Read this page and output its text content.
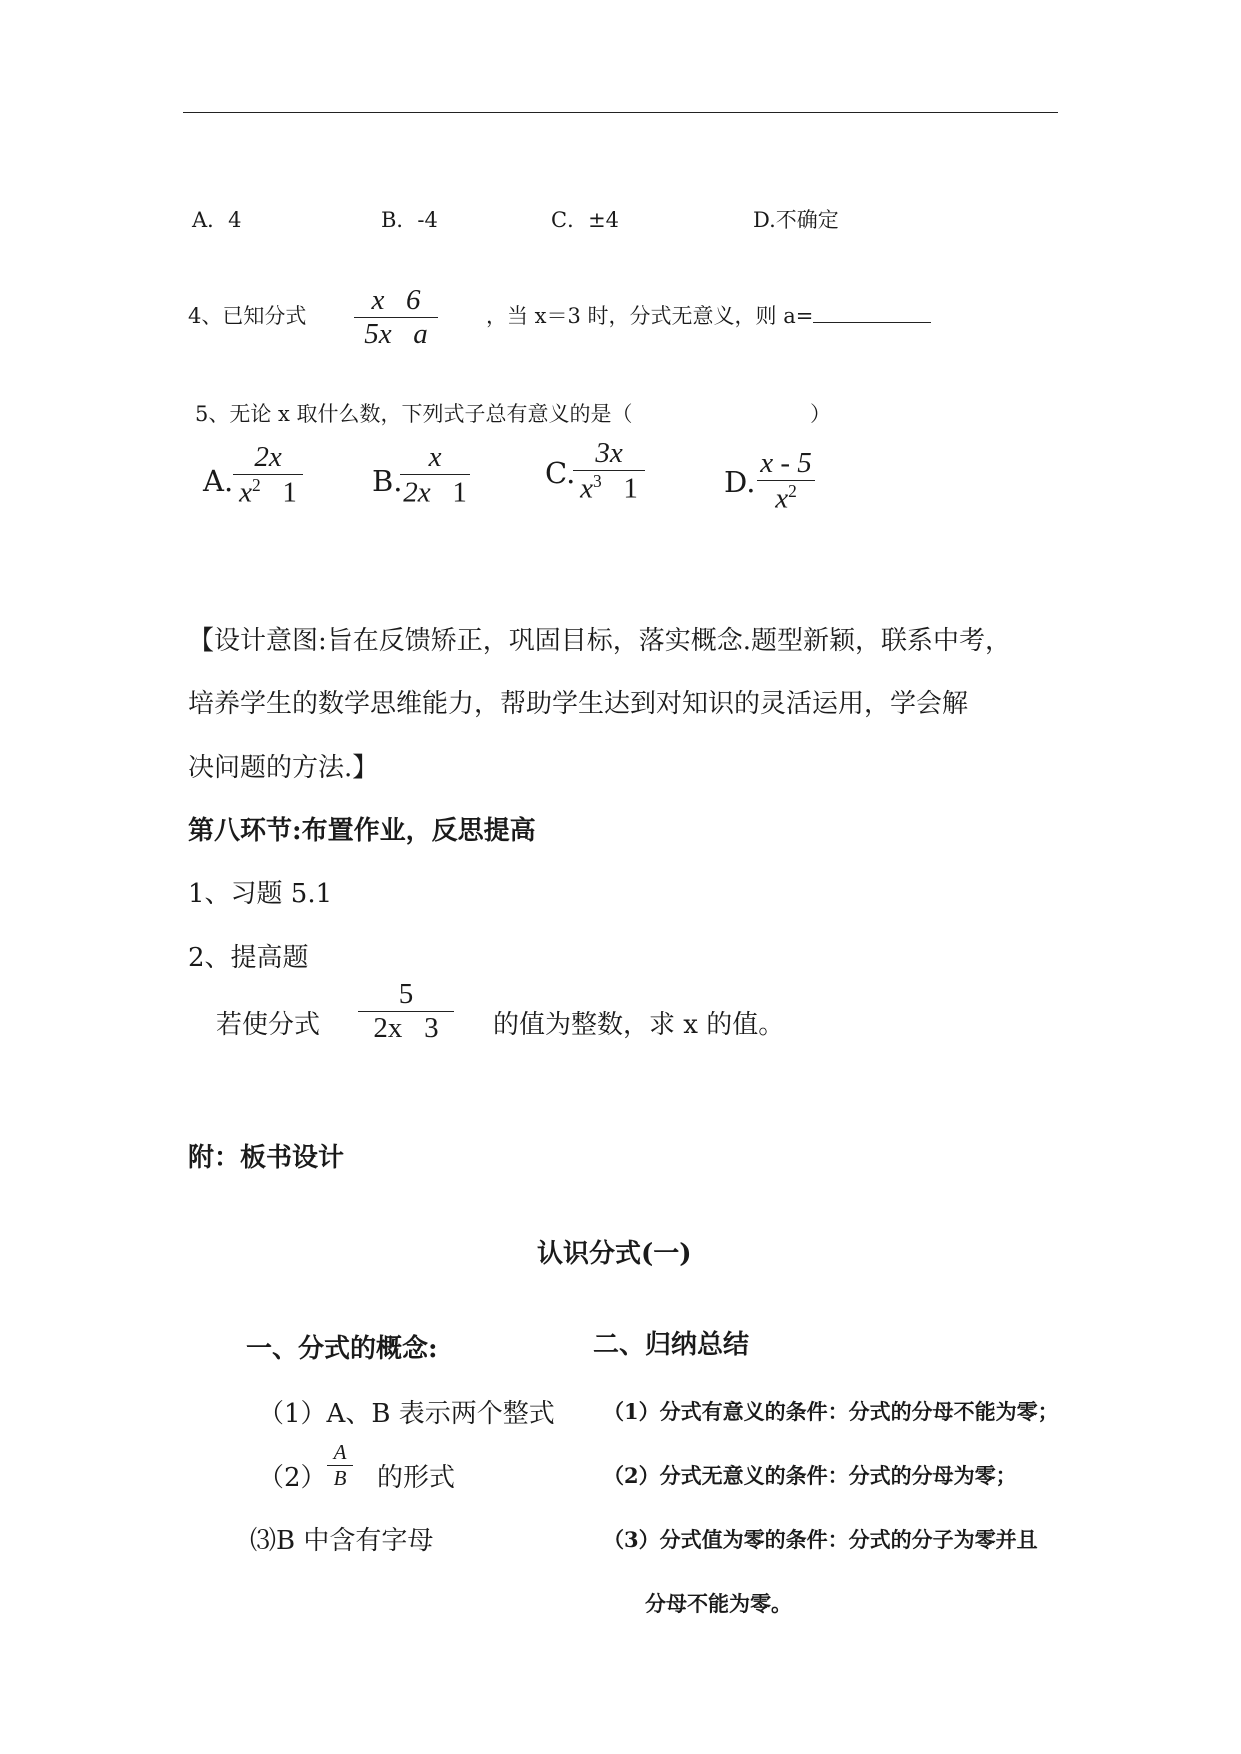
A．4	B．-4	C．±4	D.不确定
4、已知分式 x   6
5x   a
，当 x＝3 时，分式无意义，则 a=
5、无论 x 取什么数，下列式子总有意义的是（	）
A.
2x
$x^2$   1	B.
x
2x   1
C.
3x
$x^3$   1	D.
x - 5
$x^2$
【设计意图:旨在反馈矫正，巩固目标，落实概念.题型新颖，联系中考，
培养学生的数学思维能力，帮助学生达到对知识的灵活运用，学会解
决问题的方法.】
第八环节:布置作业，反思提高
1、习题 5.1
2、提高题
若使分式
5
2x   3 的值为整数，求 x 的值。
附：板书设计
认识分式(一)
一、分式的概念:
（1）A、B 表示两个整式
（2）
A
B 的形式
⑶B 中含有字母
二、归纳总结
（1）分式有意义的条件：分式的分母不能为零；
（2）分式无意义的条件：分式的分母为零；
（3）分式值为零的条件：分式的分子为零并且
分母不能为零。
